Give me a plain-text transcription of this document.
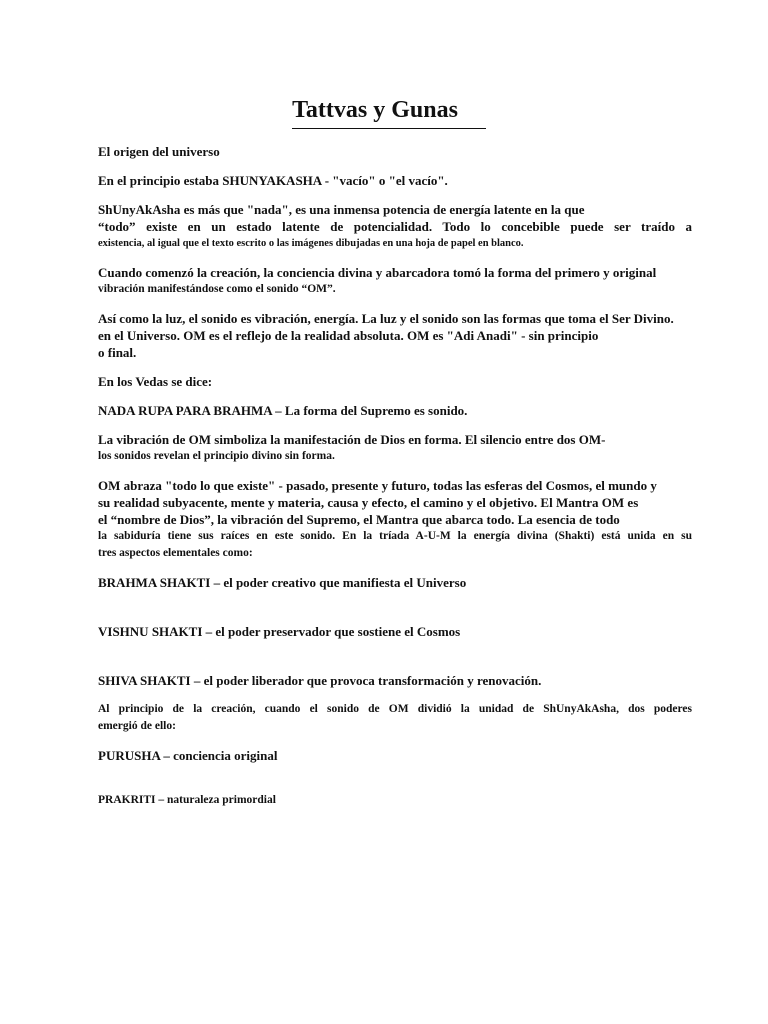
Tattvas y Gunas
El origen del universo
En el principio estaba SHUNYAKASHA - "vacío" o "el vacío".
ShUnyAkAsha es más que "nada", es una inmensa potencia de energía latente en la que
“todo” existe en un estado latente de potencialidad. Todo lo concebible puede ser traído a
existencia, al igual que el texto escrito o las imágenes dibujadas en una hoja de papel en blanco.
Cuando comenzó la creación, la conciencia divina y abarcadora tomó la forma del primero y original
vibración manifestándose como el sonido “OM”.
Así como la luz, el sonido es vibración, energía. La luz y el sonido son las formas que toma el Ser Divino.
en el Universo. OM es el reflejo de la realidad absoluta. OM es "Adi Anadi" - sin principio
o final.
En los Vedas se dice:
NADA RUPA PARA BRAHMA – La forma del Supremo es sonido.
La vibración de OM simboliza la manifestación de Dios en forma. El silencio entre dos OM-
los sonidos revelan el principio divino sin forma.
OM abraza "todo lo que existe" - pasado, presente y futuro, todas las esferas del Cosmos, el mundo y
su realidad subyacente, mente y materia, causa y efecto, el camino y el objetivo. El Mantra OM es
el “nombre de Dios”, la vibración del Supremo, el Mantra que abarca todo. La esencia de todo
la sabiduría tiene sus raíces en este sonido. En la tríada A-U-M la energía divina (Shakti) está unida en su
tres aspectos elementales como:
BRAHMA SHAKTI – el poder creativo que manifiesta el Universo
VISHNU SHAKTI – el poder preservador que sostiene el Cosmos
SHIVA SHAKTI – el poder liberador que provoca transformación y renovación.
Al principio de la creación, cuando el sonido de OM dividió la unidad de ShUnyAkAsha, dos poderes
emergió de ello:
PURUSHA – conciencia original
PRAKRITI – naturaleza primordial
